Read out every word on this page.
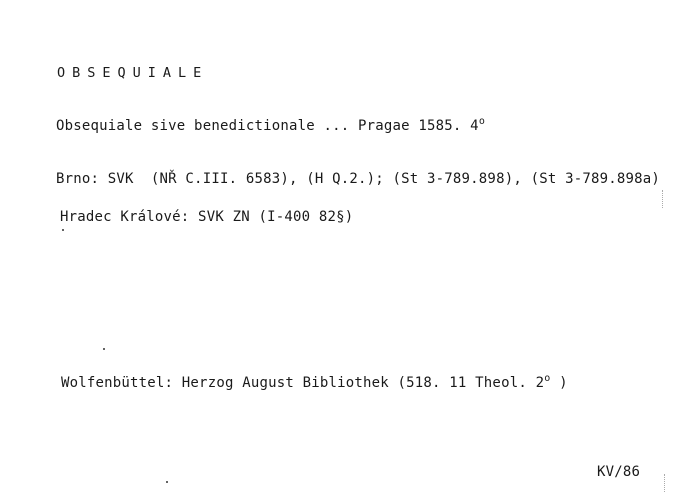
OBSEQUIALE
Obsequiale sive benedictionale ... Pragae 1585. 4$^o$
Brno: SVK  (NŘ C.III. 6583), (H Q.2.); (St 3-789.898), (St 3-789.898a)
Hradec Králové: SVK ZN (I-400 82§)
Wolfenbüttel: Herzog August Bibliothek (518. 11 Theol. 2$^o$ )
KV/86
